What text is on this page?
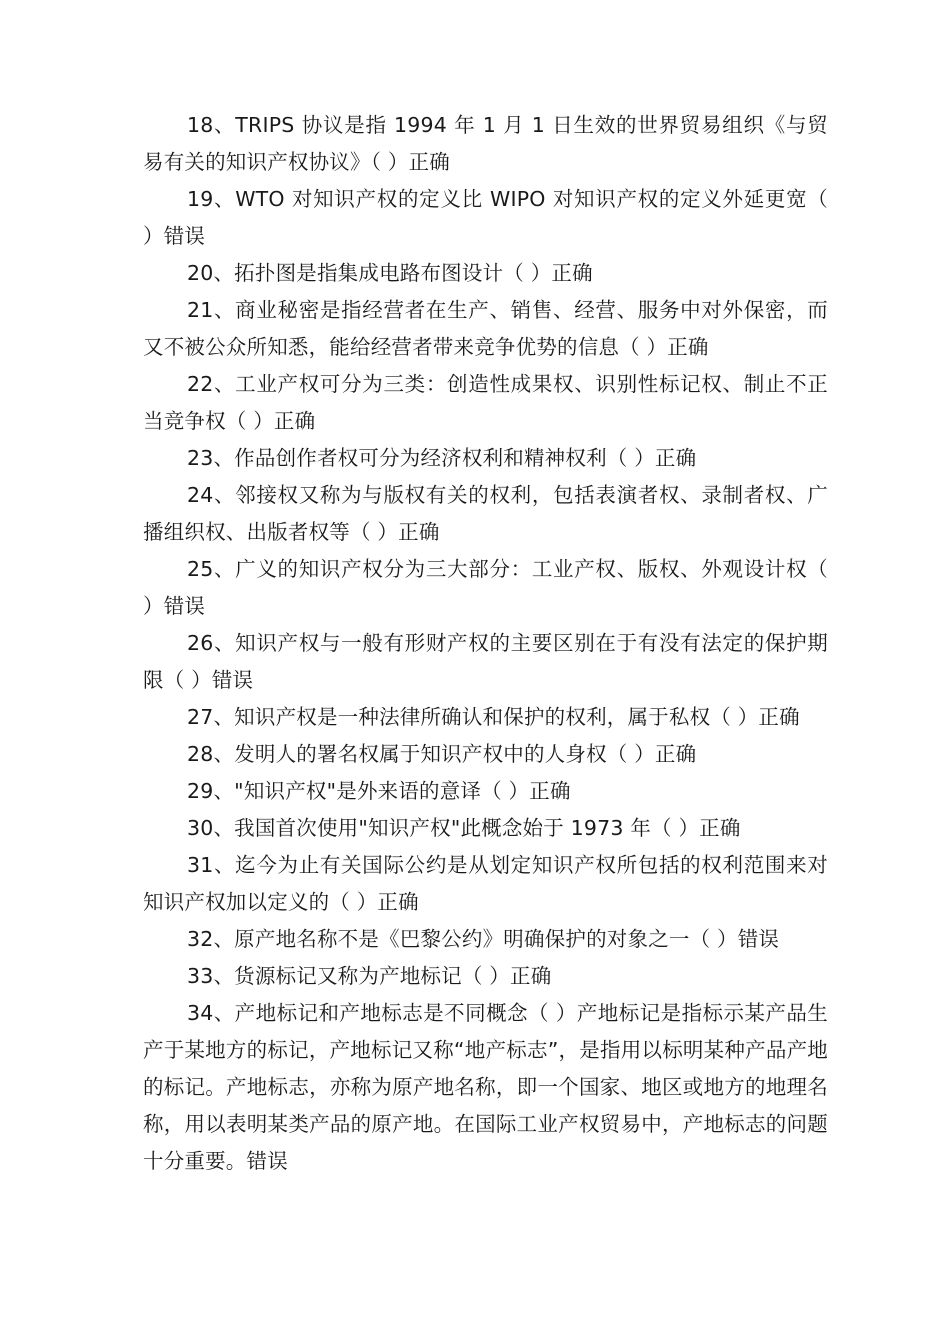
18、TRIPS 协议是指 1994 年 1 月 1 日生效的世界贸易组织《与贸易有关的知识产权协议》（ ）正确

19、WTO 对知识产权的定义比 WIPO 对知识产权的定义外延更宽（ ）错误

20、拓扑图是指集成电路布图设计（ ）正确

21、商业秘密是指经营者在生产、销售、经营、服务中对外保密，而又不被公众所知悉，能给经营者带来竞争优势的信息（ ）正确

22、工业产权可分为三类：创造性成果权、识别性标记权、制止不正当竞争权（ ）正确

23、作品创作者权可分为经济权利和精神权利（ ）正确

24、邻接权又称为与版权有关的权利，包括表演者权、录制者权、广播组织权、出版者权等（ ）正确

25、广义的知识产权分为三大部分：工业产权、版权、外观设计权（ ）错误

26、知识产权与一般有形财产权的主要区别在于有没有法定的保护期限（ ）错误

27、知识产权是一种法律所确认和保护的权利，属于私权（ ）正确

28、发明人的署名权属于知识产权中的人身权（ ）正确

29、"知识产权"是外来语的意译（ ）正确

30、我国首次使用"知识产权"此概念始于 1973 年（ ）正确

31、迄今为止有关国际公约是从划定知识产权所包括的权利范围来对知识产权加以定义的（ ）正确

32、原产地名称不是《巴黎公约》明确保护的对象之一（ ）错误

33、货源标记又称为产地标记（ ）正确

34、产地标记和产地标志是不同概念（ ）产地标记是指标示某产品生产于某地方的标记，产地标记又称“地产标志”，是指用以标明某种产品产地的标记。产地标志，亦称为原产地名称，即一个国家、地区或地方的地理名称，用以表明某类产品的原产地。在国际工业产权贸易中，产地标志的问题十分重要。错误
